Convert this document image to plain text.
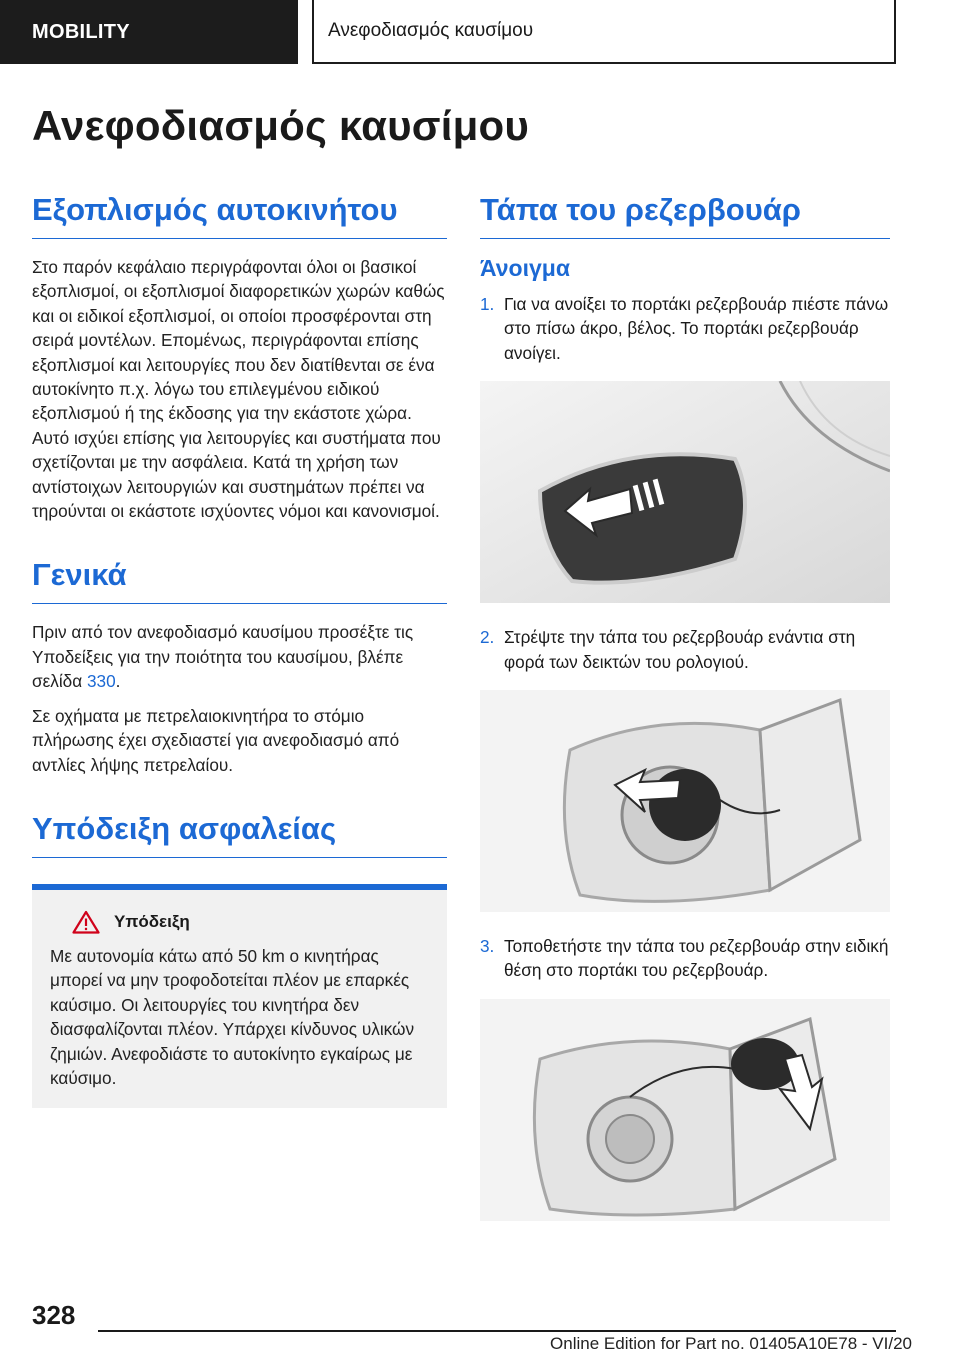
MOBILITY	Ανεφοδιασμός καυσίμου
Ανεφοδιασμός καυσίμου
Εξοπλισμός αυτοκινήτου
Στο παρόν κεφάλαιο περιγράφονται όλοι οι βασικοί εξοπλισμοί, οι εξοπλισμοί διαφορετικών χωρών καθώς και οι ειδικοί εξοπλισμοί, οι οποίοι προσφέρονται στη σειρά μοντέλων. Επομένως, περιγράφονται επίσης εξοπλισμοί και λειτουργίες που δεν διατίθενται σε ένα αυτοκίνητο π.χ. λόγω του επιλεγμένου ειδικού εξοπλισμού ή της έκδοσης για την εκάστοτε χώρα. Αυτό ισχύει επίσης για λειτουργίες και συστήματα που σχετίζονται με την ασφάλεια. Κατά τη χρήση των αντίστοιχων λειτουργιών και συστημάτων πρέπει να τηρούνται οι εκάστοτε ισχύοντες νόμοι και κανονισμοί.
Γενικά
Πριν από τον ανεφοδιασμό καυσίμου προσέξτε τις Υποδείξεις για την ποιότητα του καυσίμου, βλέπε σελίδα 330.
Σε οχήματα με πετρελαιοκινητήρα το στόμιο πλήρωσης έχει σχεδιαστεί για ανεφοδιασμό από αντλίες λήψης πετρελαίου.
Υπόδειξη ασφαλείας
Υπόδειξη
Με αυτονομία κάτω από 50 km ο κινητήρας μπορεί να μην τροφοδοτείται πλέον με επαρκές καύσιμο. Οι λειτουργίες του κινητήρα δεν διασφαλίζονται πλέον. Υπάρχει κίνδυνος υλικών ζημιών. Ανεφοδιάστε το αυτοκίνητο εγκαίρως με καύσιμο.
Τάπα του ρεζερβουάρ
Άνοιγμα
1. Για να ανοίξει το πορτάκι ρεζερβουάρ πιέστε πάνω στο πίσω άκρο, βέλος. Το πορτάκι ρεζερβουάρ ανοίγει.
2. Στρέψτε την τάπα του ρεζερβουάρ ενάντια στη φορά των δεικτών του ρολογιού.
3. Τοποθετήστε την τάπα του ρεζερβουάρ στην ειδική θέση στο πορτάκι του ρεζερβουάρ.
328
Online Edition for Part no. 01405A10E78 - VI/20
